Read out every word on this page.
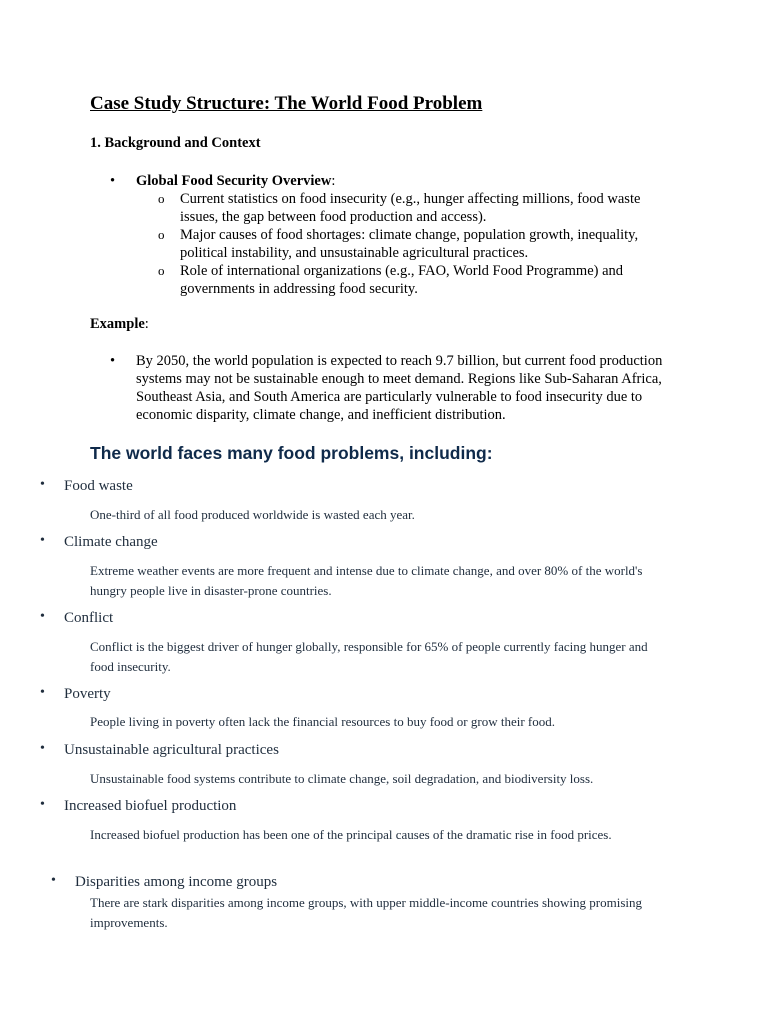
Case Study Structure: The World Food Problem
1. Background and Context
• Global Food Security Overview:
o Current statistics on food insecurity (e.g., hunger affecting millions, food waste issues, the gap between food production and access).
o Major causes of food shortages: climate change, population growth, inequality, political instability, and unsustainable agricultural practices.
o Role of international organizations (e.g., FAO, World Food Programme) and governments in addressing food security.
Example:
• By 2050, the world population is expected to reach 9.7 billion, but current food production systems may not be sustainable enough to meet demand. Regions like Sub-Saharan Africa, Southeast Asia, and South America are particularly vulnerable to food insecurity due to economic disparity, climate change, and inefficient distribution.
The world faces many food problems, including:
• Food waste
One-third of all food produced worldwide is wasted each year.
• Climate change
Extreme weather events are more frequent and intense due to climate change, and over 80% of the world's hungry people live in disaster-prone countries.
• Conflict
Conflict is the biggest driver of hunger globally, responsible for 65% of people currently facing hunger and food insecurity.
• Poverty
People living in poverty often lack the financial resources to buy food or grow their food.
• Unsustainable agricultural practices
Unsustainable food systems contribute to climate change, soil degradation, and biodiversity loss.
• Increased biofuel production
Increased biofuel production has been one of the principal causes of the dramatic rise in food prices.
• Disparities among income groups
There are stark disparities among income groups, with upper middle-income countries showing promising improvements.
